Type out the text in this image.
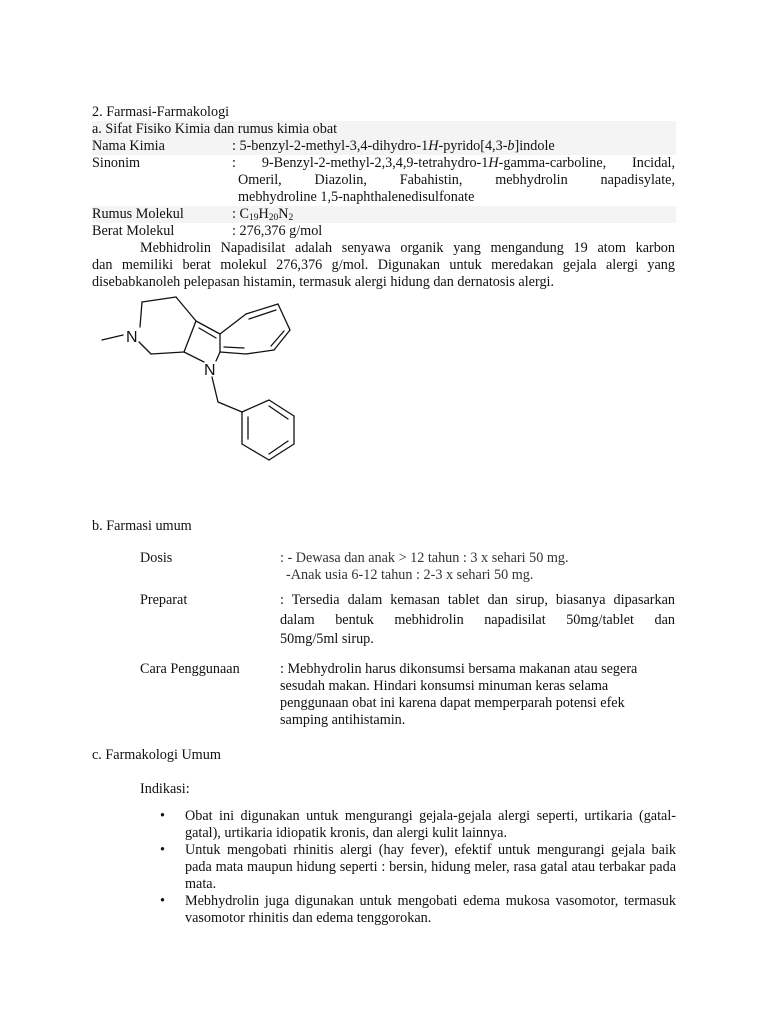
2. Farmasi-Farmakologi
a. Sifat Fisiko Kimia dan rumus kimia obat
Nama Kimia	: 5-benzyl-2-methyl-3,4-dihydro-1H-pyrido[4,3-b]indole
Sinonim	: 9-Benzyl-2-methyl-2,3,4,9-tetrahydro-1H-gamma-carboline, Incidal,
Omeril, Diazolin, Fabahistin, mebhydrolin napadisylate,
mebhydroline 1,5-naphthalenedisulfonate
Rumus Molekul	: $C_{19}H_{20}N_2$
Berat Molekul	: 276,376 g/mol
Mebhidrolin Napadisilat adalah senyawa organik yang mengandung 19 atom karbon
dan memiliki berat molekul 276,376 g/mol. Digunakan untuk meredakan gejala alergi yang
disebabkanoleh pelepasan histamin, termasuk alergi hidung dan dernatosis alergi.
N
N
b. Farmasi umum
Dosis	: - Dewasa dan anak > 12 tahun : 3 x sehari 50 mg.
-Anak usia 6-12 tahun : 2-3 x sehari 50 mg.
Preparat	: Tersedia dalam kemasan tablet dan sirup, biasanya dipasarkan
dalam bentuk mebhidrolin napadisilat 50mg/tablet dan
50mg/5ml sirup.
Cara Penggunaan	: Mebhydrolin harus dikonsumsi bersama makanan atau segera
sesudah makan. Hindari konsumsi minuman keras selama
penggunaan obat ini karena dapat memperparah potensi efek
samping antihistamin.
c. Farmakologi Umum
Indikasi:
• Obat ini digunakan untuk mengurangi gejala-gejala alergi seperti, urtikaria (gatal-gatal), urtikaria idiopatik kronis, dan alergi kulit lainnya.
• Untuk mengobati rhinitis alergi (hay fever), efektif untuk mengurangi gejala baik pada mata maupun hidung seperti : bersin, hidung meler, rasa gatal atau terbakar pada mata.
• Mebhydrolin juga digunakan untuk mengobati edema mukosa vasomotor, termasuk vasomotor rhinitis dan edema tenggorokan.
